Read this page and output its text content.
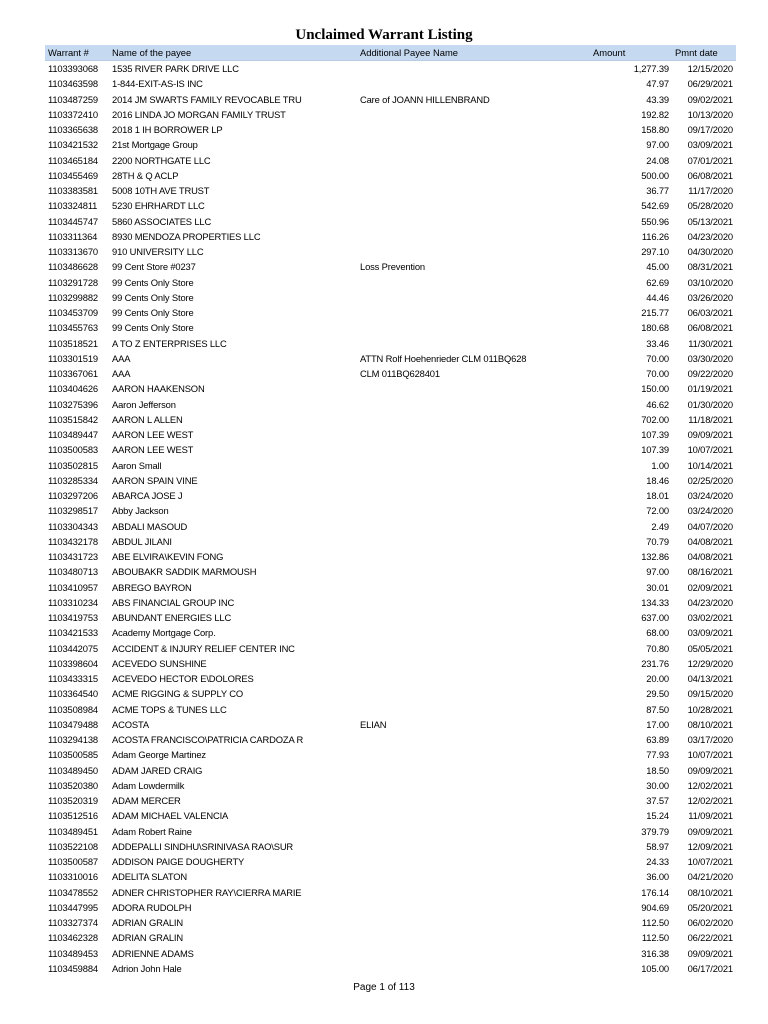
Unclaimed Warrant Listing
Warrant #	Name of the payee	Additional Payee Name	Amount	Pmnt date
1103393068	1535 RIVER PARK DRIVE LLC		1,277.39	12/15/2020
1103463598	1-844-EXIT-AS-IS INC		47.97	06/29/2021
1103487259	2014 JM SWARTS FAMILY REVOCABLE TRU	Care of JOANN HILLENBRAND	43.39	09/02/2021
1103372410	2016 LINDA JO MORGAN FAMILY TRUST		192.82	10/13/2020
1103365638	2018 1 IH BORROWER LP		158.80	09/17/2020
1103421532	21st Mortgage Group		97.00	03/09/2021
1103465184	2200 NORTHGATE LLC		24.08	07/01/2021
1103455469	28TH & Q ACLP		500.00	06/08/2021
1103383581	5008 10TH AVE TRUST		36.77	11/17/2020
1103324811	5230 EHRHARDT LLC		542.69	05/28/2020
1103445747	5860 ASSOCIATES LLC		550.96	05/13/2021
1103311364	8930 MENDOZA PROPERTIES LLC		116.26	04/23/2020
1103313670	910 UNIVERSITY LLC		297.10	04/30/2020
1103486628	99 Cent Store #0237	Loss Prevention	45.00	08/31/2021
1103291728	99 Cents Only Store		62.69	03/10/2020
1103299882	99 Cents Only Store		44.46	03/26/2020
1103453709	99 Cents Only Store		215.77	06/03/2021
1103455763	99 Cents Only Store		180.68	06/08/2021
1103518521	A TO Z ENTERPRISES LLC		33.46	11/30/2021
1103301519	AAA	ATTN Rolf Hoehenrieder CLM 011BQ628	70.00	03/30/2020
1103367061	AAA	CLM 011BQ628401	70.00	09/22/2020
1103404626	AARON HAAKENSON		150.00	01/19/2021
1103275396	Aaron Jefferson		46.62	01/30/2020
1103515842	AARON L ALLEN		702.00	11/18/2021
1103489447	AARON LEE WEST		107.39	09/09/2021
1103500583	AARON LEE WEST		107.39	10/07/2021
1103502815	Aaron Small		1.00	10/14/2021
1103285334	AARON SPAIN VINE		18.46	02/25/2020
1103297206	ABARCA JOSE J		18.01	03/24/2020
1103298517	Abby Jackson		72.00	03/24/2020
1103304343	ABDALI MASOUD		2.49	04/07/2020
1103432178	ABDUL JILANI		70.79	04/08/2021
1103431723	ABE ELVIRA\KEVIN FONG		132.86	04/08/2021
1103480713	ABOUBAKR SADDIK MARMOUSH		97.00	08/16/2021
1103410957	ABREGO BAYRON		30.01	02/09/2021
1103310234	ABS FINANCIAL GROUP INC		134.33	04/23/2020
1103419753	ABUNDANT ENERGIES LLC		637.00	03/02/2021
1103421533	Academy Mortgage Corp.		68.00	03/09/2021
1103442075	ACCIDENT & INJURY RELIEF CENTER INC		70.80	05/05/2021
1103398604	ACEVEDO SUNSHINE		231.76	12/29/2020
1103433315	ACEVEDO HECTOR E\DOLORES		20.00	04/13/2021
1103364540	ACME RIGGING & SUPPLY CO		29.50	09/15/2020
1103508984	ACME TOPS & TUNES LLC		87.50	10/28/2021
1103479488	ACOSTA	ELIAN	17.00	08/10/2021
1103294138	ACOSTA FRANCISCO\PATRICIA CARDOZA R		63.89	03/17/2020
1103500585	Adam George Martinez		77.93	10/07/2021
1103489450	ADAM JARED CRAIG		18.50	09/09/2021
1103520380	Adam Lowdermilk		30.00	12/02/2021
1103520319	ADAM MERCER		37.57	12/02/2021
1103512516	ADAM MICHAEL VALENCIA		15.24	11/09/2021
1103489451	Adam Robert Raine		379.79	09/09/2021
1103522108	ADDEPALLI SINDHU\SRINIVASA RAO\SUR		58.97	12/09/2021
1103500587	ADDISON PAIGE DOUGHERTY		24.33	10/07/2021
1103310016	ADELITA SLATON		36.00	04/21/2020
1103478552	ADNER CHRISTOPHER RAY\CIERRA MARIE		176.14	08/10/2021
1103447995	ADORA RUDOLPH		904.69	05/20/2021
1103327374	ADRIAN GRALIN		112.50	06/02/2020
1103462328	ADRIAN GRALIN		112.50	06/22/2021
1103489453	ADRIENNE ADAMS		316.38	09/09/2021
1103459884	Adrion John Hale		105.00	06/17/2021
Page 1 of 113
